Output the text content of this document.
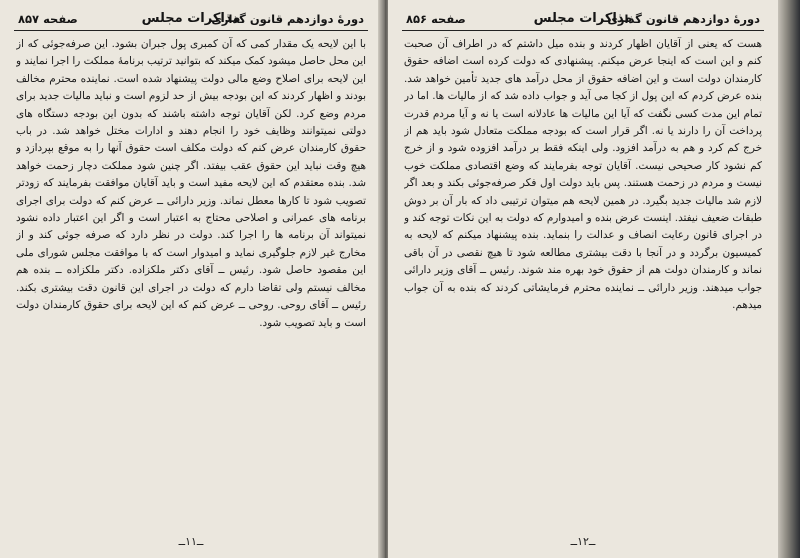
صفحه ۸۵۷	مذاکرات مجلس
دورهٔ دوازدهم قانون گذاری

با این لایحه یک مقدار کمی که آن کمبری پول جبران بشود. این صرفه‌جوئی که از این محل حاصل میشود کمک میکند که بتوانید ترتیب برنامهٔ مملکت را اجرا نمایند و این لایحه برای اصلاح وضع مالی دولت پیشنهاد شده است. نماینده محترم مخالف بودند و اظهار کردند که این بودجه بیش از حد لزوم است و نباید مالیات جدید برای مردم وضع کرد. لکن آقایان توجه داشته باشند که بدون این بودجه دستگاه های دولتی نمیتوانند وظایف خود را انجام دهند و ادارات مختل خواهد شد. در باب حقوق کارمندان عرض کنم که دولت مکلف است حقوق آنها را به موقع بپردازد و هیچ وقت نباید این حقوق عقب بیفتد. اگر چنین شود مملکت دچار زحمت خواهد شد. بنده معتقدم که این لایحه مفید است و باید آقایان موافقت بفرمایند که زودتر تصویب شود تا کارها معطل نماند. وزیر دارائی ــ عرض کنم که دولت برای اجرای برنامه های عمرانی و اصلاحی محتاج به اعتبار است و اگر این اعتبار داده نشود نمیتواند آن برنامه ها را اجرا کند. دولت در نظر دارد که صرفه جوئی کند و از مخارج غیر لازم جلوگیری نماید و امیدوار است که با موافقت مجلس شورای ملی این مقصود حاصل شود. رئیس ــ آقای دکتر ملکزاده. دکتر ملکزاده ــ بنده هم مخالف نیستم ولی تقاضا دارم که دولت در اجرای این قانون دقت بیشتری بکند. رئیس ــ آقای روحی. روحی ــ عرض کنم که این لایحه برای حقوق کارمندان دولت است و باید تصویب شود.

ــ۱۱ــ
صفحه ۸۵۶	مذاکرات مجلس
دورهٔ دوازدهم قانون گذاری

هست که یعنی از آقایان اظهار کردند و بنده میل داشتم که در اطراف آن صحبت کنم و این است که اینجا عرض میکنم. پیشنهادی که دولت کرده است اضافه حقوق کارمندان دولت است و این اضافه حقوق از محل درآمد های جدید تأمین خواهد شد. بنده عرض کردم که این پول از کجا می آید و جواب داده شد که از مالیات ها. اما در تمام این مدت کسی نگفت که آیا این مالیات ها عادلانه است یا نه و آیا مردم قدرت پرداخت آن را دارند یا نه. اگر قرار است که بودجه مملکت متعادل شود باید هم از خرج کم کرد و هم به درآمد افزود. ولی اینکه فقط بر درآمد افزوده شود و از خرج کم نشود کار صحیحی نیست. آقایان توجه بفرمایند که وضع اقتصادی مملکت خوب نیست و مردم در زحمت هستند. پس باید دولت اول فکر صرفه‌جوئی بکند و بعد اگر لازم شد مالیات جدید بگیرد. در همین لایحه هم میتوان ترتیبی داد که بار آن بر دوش طبقات ضعیف نیفتد. اینست عرض بنده و امیدوارم که دولت به این نکات توجه کند و در اجرای قانون رعایت انصاف و عدالت را بنماید. بنده پیشنهاد میکنم که لایحه به کمیسیون برگردد و در آنجا با دقت بیشتری مطالعه شود تا هیچ نقصی در آن باقی نماند و کارمندان دولت هم از حقوق خود بهره مند شوند. رئیس ــ آقای وزیر دارائی جواب میدهند. وزیر دارائی ــ نماینده محترم فرمایشاتی کردند که بنده به آن جواب میدهم.

ــ۱۲ــ
